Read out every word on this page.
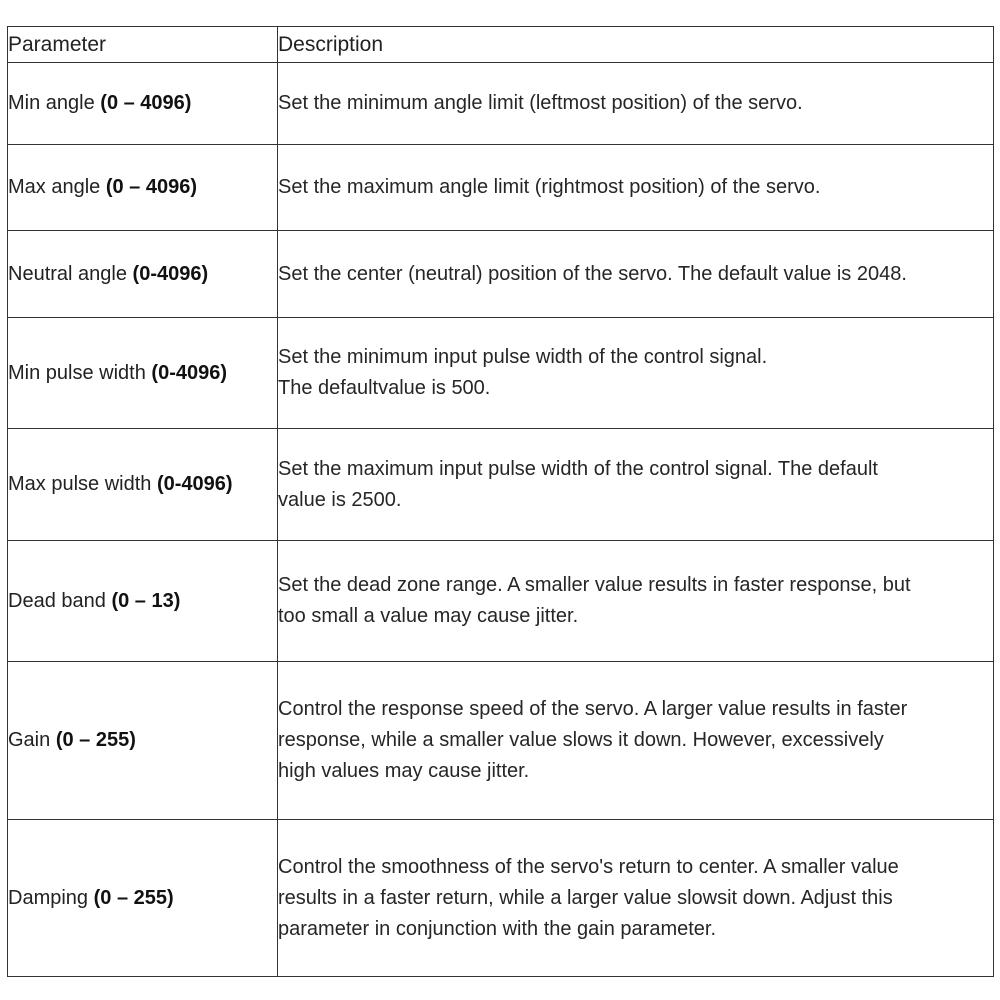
Parameter	Description
Min angle (0 – 4096)	Set the minimum angle limit (leftmost position) of the servo.

Max angle (0 – 4096)	Set the maximum angle limit (rightmost position) of the servo.

Neutral angle (0-4096)	Set the center (neutral) position of the servo. The default value is 2048.

Min pulse width (0-4096)	Set the minimum input pulse width of the control signal.
The defaultvalue is 500.

Max pulse width (0-4096)	Set the maximum input pulse width of the control signal. The default
value is 2500.

Dead band (0 – 13)	Set the dead zone range. A smaller value results in faster response, but
too small a value may cause jitter.

Gain (0 – 255)	Control the response speed of the servo. A larger value results in faster
response, while a smaller value slows it down. However, excessively
high values may cause jitter.

Damping (0 – 255)	Control the smoothness of the servo's return to center. A smaller value
results in a faster return, while a larger value slowsit down. Adjust this
parameter in conjunction with the gain parameter.
